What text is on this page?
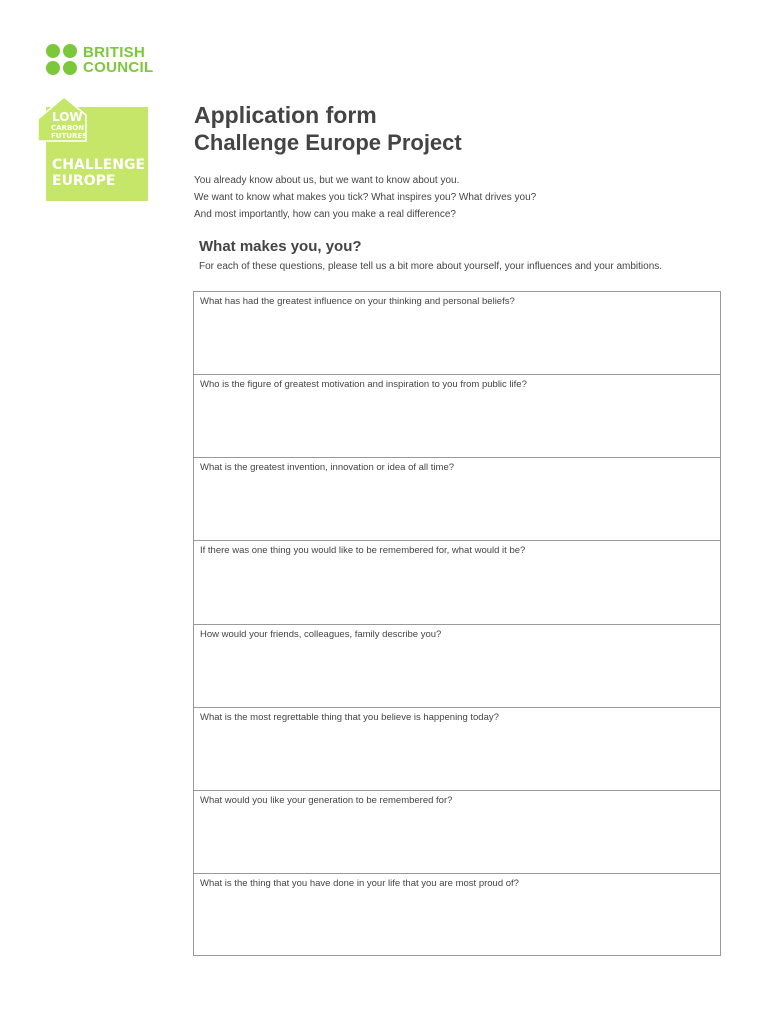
BRITISH
COUNCIL
LOW
CARBON
FUTURES
CHALLENGE
EUROPE
Application form
Challenge Europe Project
You already know about us, but we want to know about you.
We want to know what makes you tick? What inspires you? What drives you?
And most importantly, how can you make a real difference?
What makes you, you?
For each of these questions, please tell us a bit more about yourself, your influences and your ambitions.
What has had the greatest influence on your thinking and personal beliefs?
Who is the figure of greatest motivation and inspiration to you from public life?
What is the greatest invention, innovation or idea of all time?
If there was one thing you would like to be remembered for, what would it be?
How would your friends, colleagues, family describe you?
What is the most regrettable thing that you believe is happening today?
What would you like your generation to be remembered for?
What is the thing that you have done in your life that you are most proud of?
